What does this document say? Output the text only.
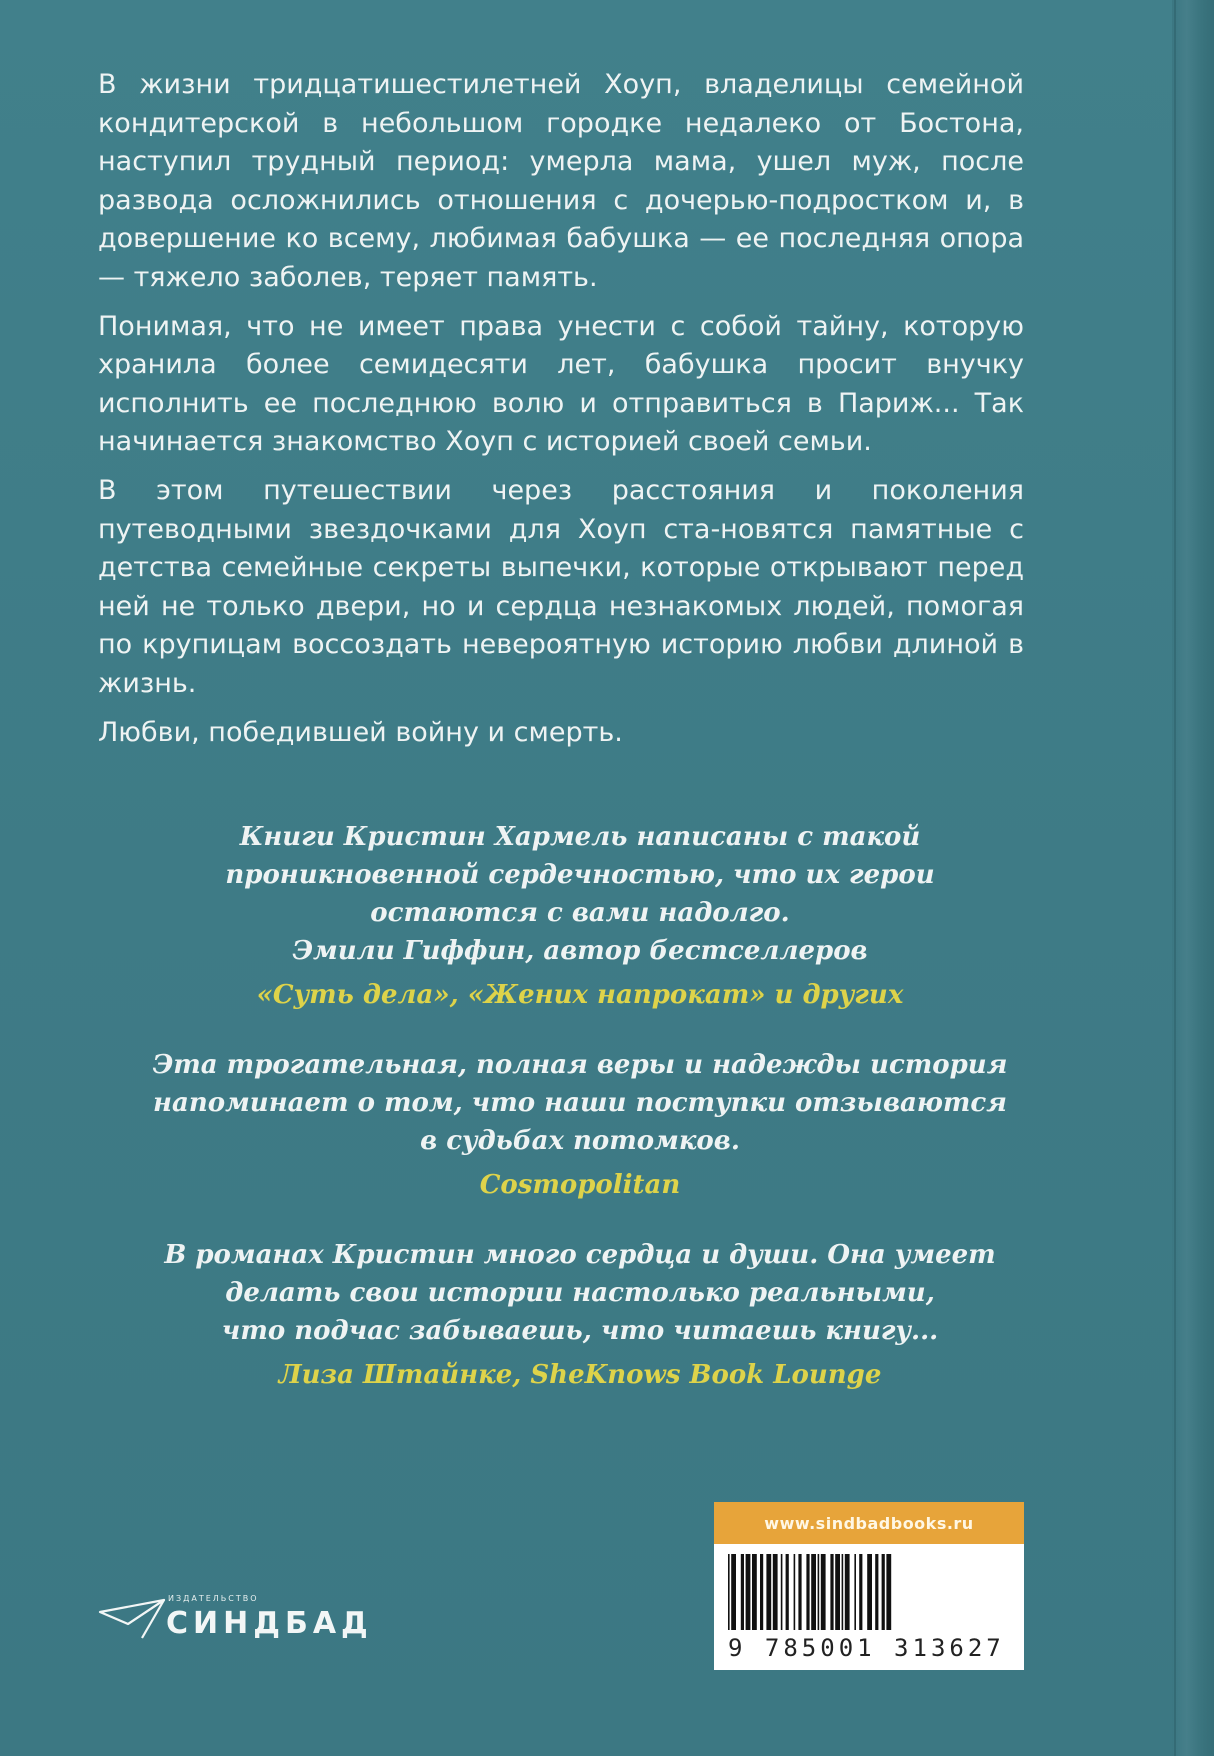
В жизни тридцатишестилетней Хоуп, владелицы семейной кондитерской в небольшом городке недалеко от Бостона, наступил трудный период: умерла мама, ушел муж, после развода осложнились отношения с дочерью-подростком и, в довершение ко всему, любимая бабушка — ее последняя опора — тяжело заболев, теряет память.

Понимая, что не имеет права унести с собой тайну, которую хранила более семидесяти лет, бабушка просит внучку исполнить ее последнюю волю и отправиться в Париж... Так начинается знакомство Хоуп с историей своей семьи.

В этом путешествии через расстояния и поколения путеводными звездочками для Хоуп ста-новятся памятные с детства семейные секреты выпечки, которые открывают перед ней не только двери, но и сердца незнакомых людей, помогая по крупицам воссоздать невероятную историю любви длиной в жизнь.

Любви, победившей войну и смерть.

Книги Кристин Хармель написаны с такой
проникновенной сердечностью, что их герои
остаются с вами надолго.
Эмили Гиффин, автор бестселлеров
«Суть дела», «Жених напрокат» и других
Эта трогательная, полная веры и надежды история
напоминает о том, что наши поступки отзываются
в судьбах потомков.
Cosmopolitan
В романах Кристин много сердца и души. Она умеет
делать свои истории настолько реальными,
что подчас забываешь, что читаешь книгу...
Лиза Штайнке, SheKnows Book Lounge
ИЗДАТЕЛЬСТВО
СИНДБАД
www.sindbadbooks.ru
9 785001 313627
